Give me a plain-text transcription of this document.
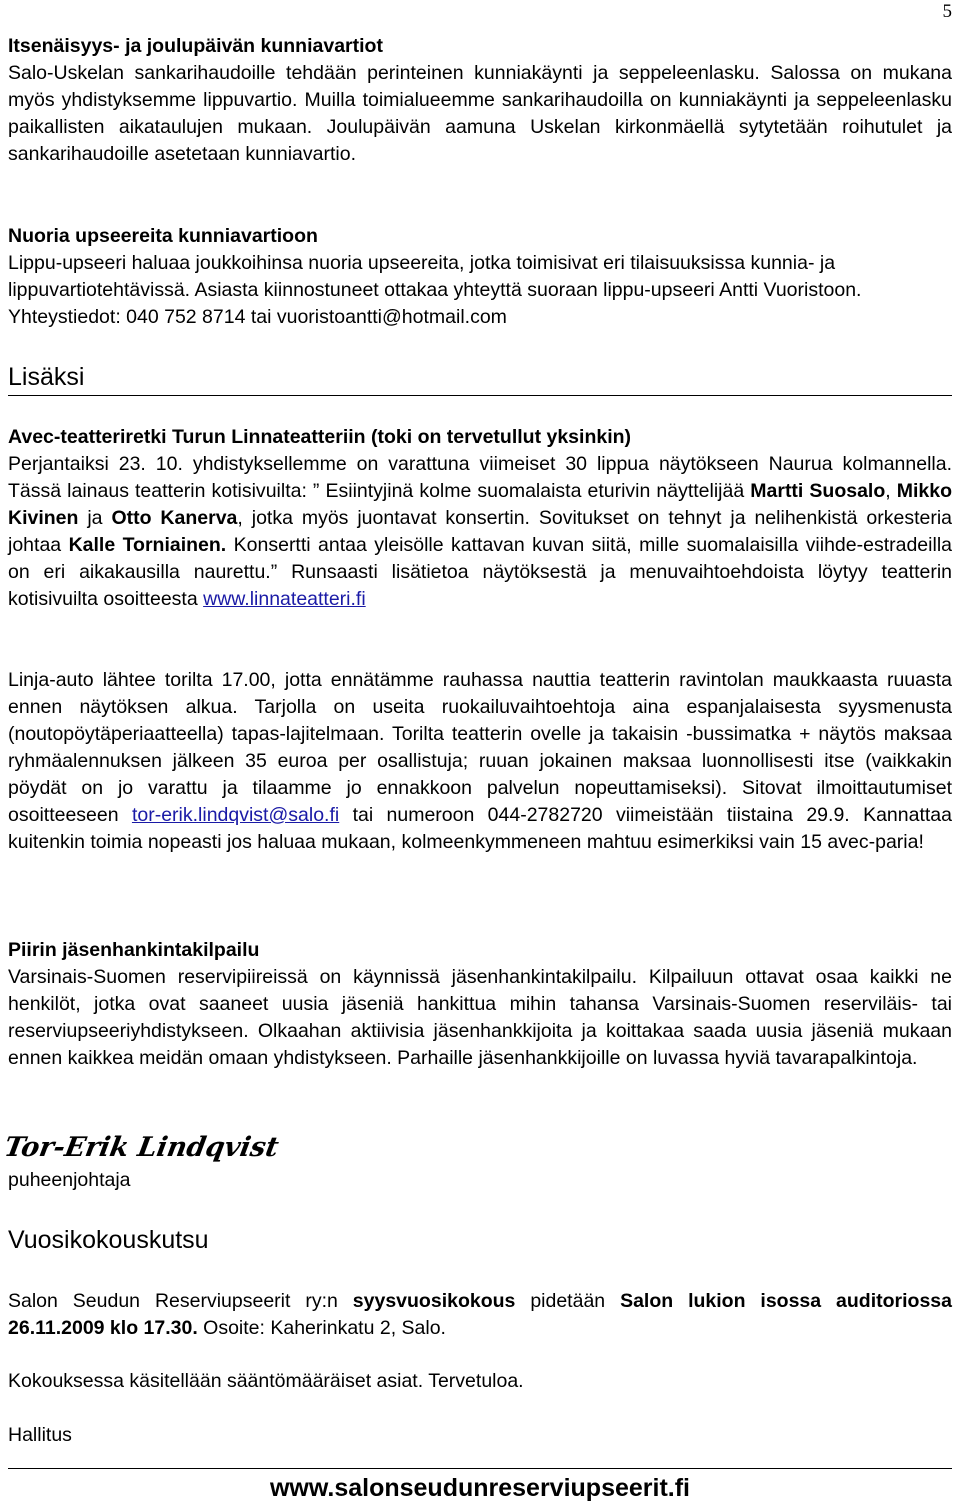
5
Itsenäisyys- ja joulupäivän kunniavartiot
Salo-Uskelan sankarihaudoille tehdään perinteinen kunniakäynti ja seppeleenlasku. Salossa on mukana myös yhdistyksemme lippuvartio. Muilla toimialueemme sankarihaudoilla on kunniakäynti ja seppeleenlasku paikallisten aikataulujen mukaan. Joulupäivän aamuna Uskelan kirkonmäellä sytytetään roihutulet ja sankarihaudoille asetetaan kunniavartio.
Nuoria upseereita kunniavartioon
Lippu-upseeri haluaa joukkoihinsa nuoria upseereita, jotka toimisivat eri tilaisuuksissa kunnia- ja lippuvartiotehtävissä. Asiasta kiinnostuneet ottakaa yhteyttä suoraan lippu-upseeri Antti Vuoristoon. Yhteystiedot: 040 752 8714 tai vuoristoantti@hotmail.com
Lisäksi
Avec-teatteriretki Turun Linnateatteriin (toki on tervetullut yksinkin)
Perjantaiksi 23. 10. yhdistyksellemme on varattuna viimeiset 30 lippua näytökseen Naurua kolmannella. Tässä lainaus teatterin kotisivuilta: ” Esiintyjinä kolme suomalaista eturivin näyttelijää Martti Suosalo, Mikko Kivinen ja Otto Kanerva, jotka myös juontavat konsertin. Sovitukset on tehnyt ja nelihenkistä orkesteria johtaa Kalle Torniainen. Konsertti antaa yleisölle kattavan kuvan siitä, mille suomalaisilla viihde-estradeilla on eri aikakausilla naurettu.” Runsaasti lisätietoa näytöksestä ja menuvaihtoehdoista löytyy teatterin kotisivuilta osoitteesta www.linnateatteri.fi
Linja-auto lähtee torilta 17.00, jotta ennätämme rauhassa nauttia teatterin ravintolan maukkaasta ruuasta ennen näytöksen alkua. Tarjolla on useita ruokailuvaihtoehtoja aina espanjalaisesta syysmenusta (noutopöytäperiaatteella) tapas-lajitelmaan. Torilta teatterin ovelle ja takaisin -bussimatka + näytös maksaa ryhmäalennuksen jälkeen 35 euroa per osallistuja; ruuan jokainen maksaa luonnollisesti itse (vaikkakin pöydät on jo varattu ja tilaamme jo ennakkoon palvelun nopeuttamiseksi). Sitovat ilmoittautumiset osoitteeseen tor-erik.lindqvist@salo.fi tai numeroon 044-2782720 viimeistään tiistaina 29.9. Kannattaa kuitenkin toimia nopeasti jos haluaa mukaan, kolmeenkymmeneen mahtuu esimerkiksi vain 15 avec-paria!
Piirin jäsenhankintakilpailu
Varsinais-Suomen reservipiireissä on käynnissä jäsenhankintakilpailu. Kilpailuun ottavat osaa kaikki ne henkilöt, jotka ovat saaneet uusia jäseniä hankittua mihin tahansa Varsinais-Suomen reserviläis- tai reserviupseeriyhdistykseen. Olkaahan aktiivisia jäsenhankkijoita ja koittakaa saada uusia jäseniä mukaan ennen kaikkea meidän omaan yhdistykseen. Parhaille jäsenhankkijoille on luvassa hyviä tavarapalkintoja.
Tor-Erik Lindqvist
puheenjohtaja
Vuosikokouskutsu
Salon Seudun Reserviupseerit ry:n syysvuosikokous pidetään Salon lukion isossa auditoriossa 26.11.2009 klo 17.30. Osoite: Kaherinkatu 2, Salo.
Kokouksessa käsitellään sääntömääräiset asiat. Tervetuloa.
Hallitus
www.salonseudunreserviupseerit.fi
